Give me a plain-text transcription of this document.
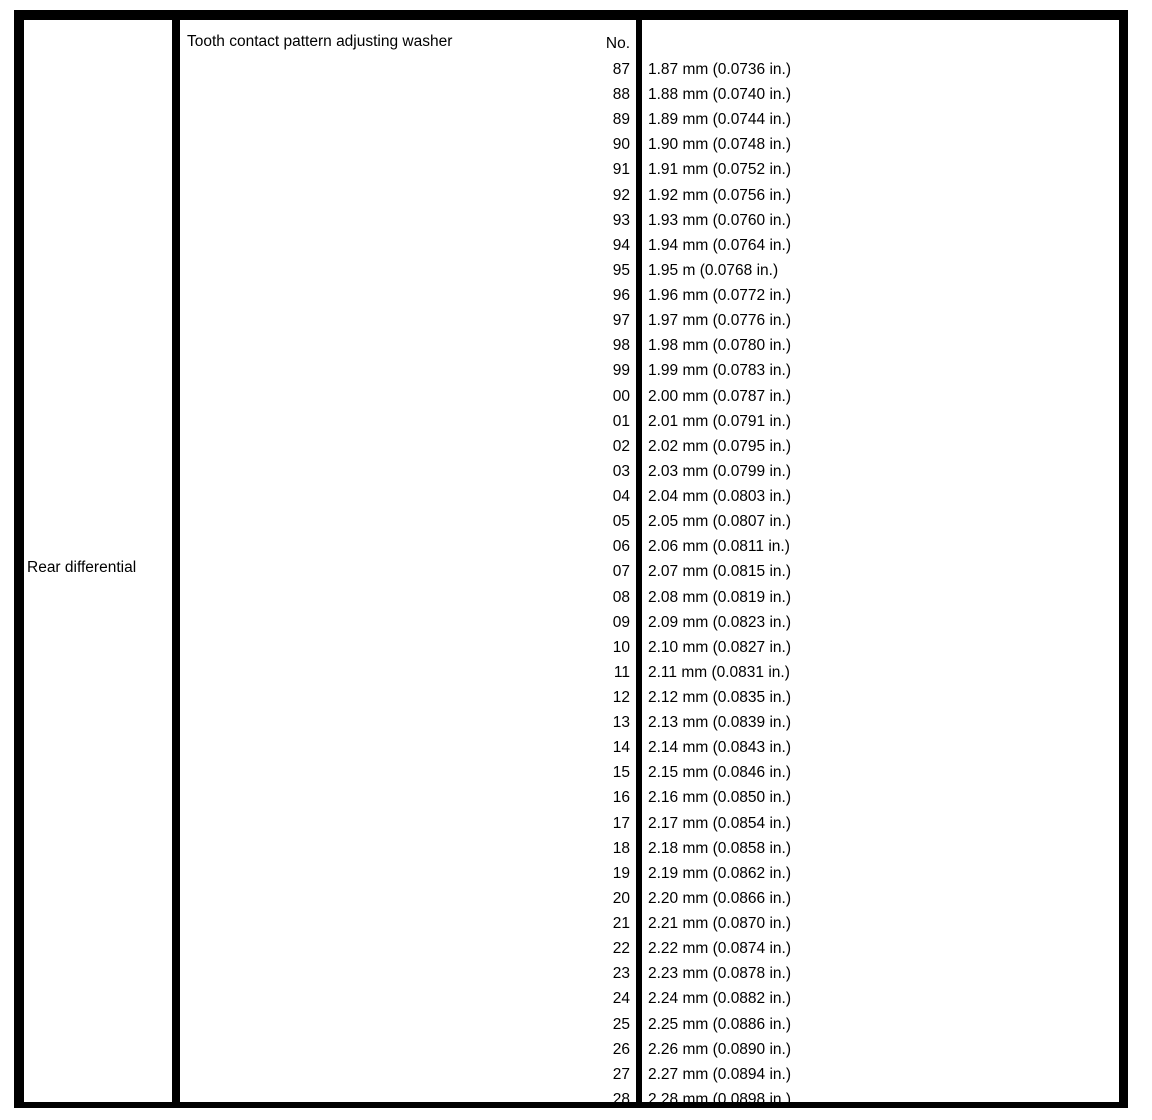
Rear differential
Tooth contact pattern adjusting washer	No.
87 1.87 mm (0.0736 in.)
88 1.88 mm (0.0740 in.)
89 1.89 mm (0.0744 in.)
90 1.90 mm (0.0748 in.)
91 1.91 mm (0.0752 in.)
92 1.92 mm (0.0756 in.)
93 1.93 mm (0.0760 in.)
94 1.94 mm (0.0764 in.)
95 1.95 m (0.0768 in.)
96 1.96 mm (0.0772 in.)
97 1.97 mm (0.0776 in.)
98 1.98 mm (0.0780 in.)
99 1.99 mm (0.0783 in.)
00 2.00 mm (0.0787 in.)
01 2.01 mm (0.0791 in.)
02 2.02 mm (0.0795 in.)
03 2.03 mm (0.0799 in.)
04 2.04 mm (0.0803 in.)
05 2.05 mm (0.0807 in.)
06 2.06 mm (0.0811 in.)
07 2.07 mm (0.0815 in.)
08 2.08 mm (0.0819 in.)
09 2.09 mm (0.0823 in.)
10 2.10 mm (0.0827 in.)
11 2.11 mm (0.0831 in.)
12 2.12 mm (0.0835 in.)
13 2.13 mm (0.0839 in.)
14 2.14 mm (0.0843 in.)
15 2.15 mm (0.0846 in.)
16 2.16 mm (0.0850 in.)
17 2.17 mm (0.0854 in.)
18 2.18 mm (0.0858 in.)
19 2.19 mm (0.0862 in.)
20 2.20 mm (0.0866 in.)
21 2.21 mm (0.0870 in.)
22 2.22 mm (0.0874 in.)
23 2.23 mm (0.0878 in.)
24 2.24 mm (0.0882 in.)
25 2.25 mm (0.0886 in.)
26 2.26 mm (0.0890 in.)
27 2.27 mm (0.0894 in.)
28 2.28 mm (0.0898 in.)
